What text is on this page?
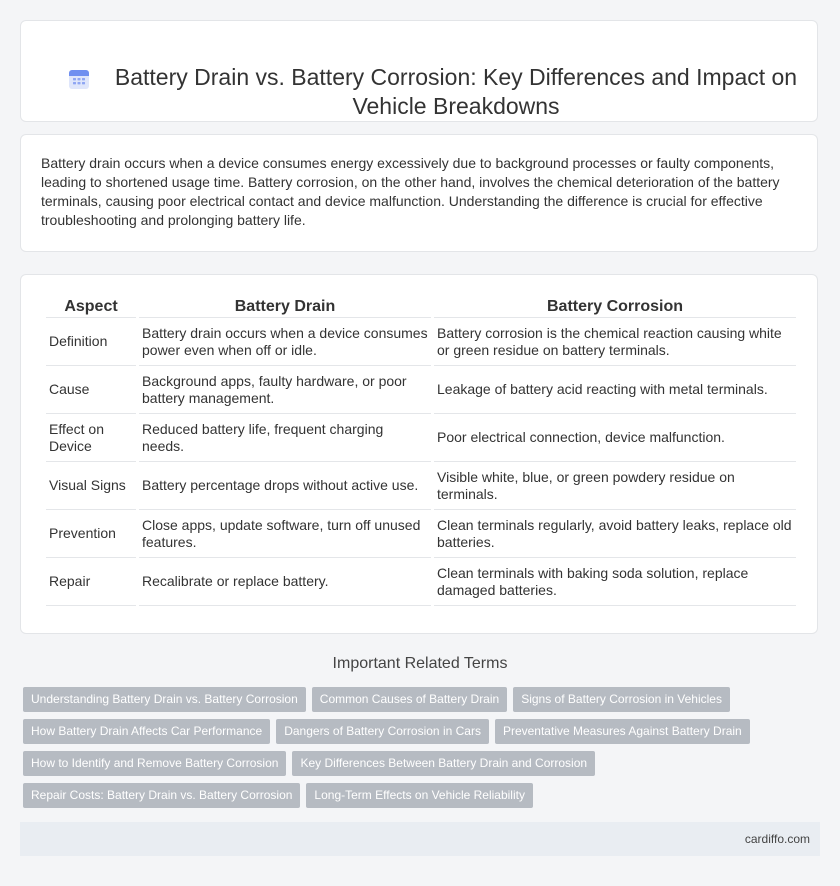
Battery Drain vs. Battery Corrosion: Key Differences and Impact on Vehicle Breakdowns

Battery drain occurs when a device consumes energy excessively due to background processes or faulty components, leading to shortened usage time. Battery corrosion, on the other hand, involves the chemical deterioration of the battery terminals, causing poor electrical contact and device malfunction. Understanding the difference is crucial for effective troubleshooting and prolonging battery life.

Aspect	Battery Drain	Battery Corrosion
Definition	Battery drain occurs when a device consumes power even when off or idle.	Battery corrosion is the chemical reaction causing white or green residue on battery terminals.
Cause	Background apps, faulty hardware, or poor battery management.	Leakage of battery acid reacting with metal terminals.
Effect on Device	Reduced battery life, frequent charging needs.	Poor electrical connection, device malfunction.
Visual Signs	Battery percentage drops without active use.	Visible white, blue, or green powdery residue on terminals.
Prevention	Close apps, update software, turn off unused features.	Clean terminals regularly, avoid battery leaks, replace old batteries.
Repair	Recalibrate or replace battery.	Clean terminals with baking soda solution, replace damaged batteries.
Important Related Terms
Understanding Battery Drain vs. Battery Corrosion Common Causes of Battery Drain Signs of Battery Corrosion in Vehicles
How Battery Drain Affects Car Performance Dangers of Battery Corrosion in Cars Preventative Measures Against Battery Drain
How to Identify and Remove Battery Corrosion Key Differences Between Battery Drain and Corrosion
Repair Costs: Battery Drain vs. Battery Corrosion Long-Term Effects on Vehicle Reliability
cardiffo.com
